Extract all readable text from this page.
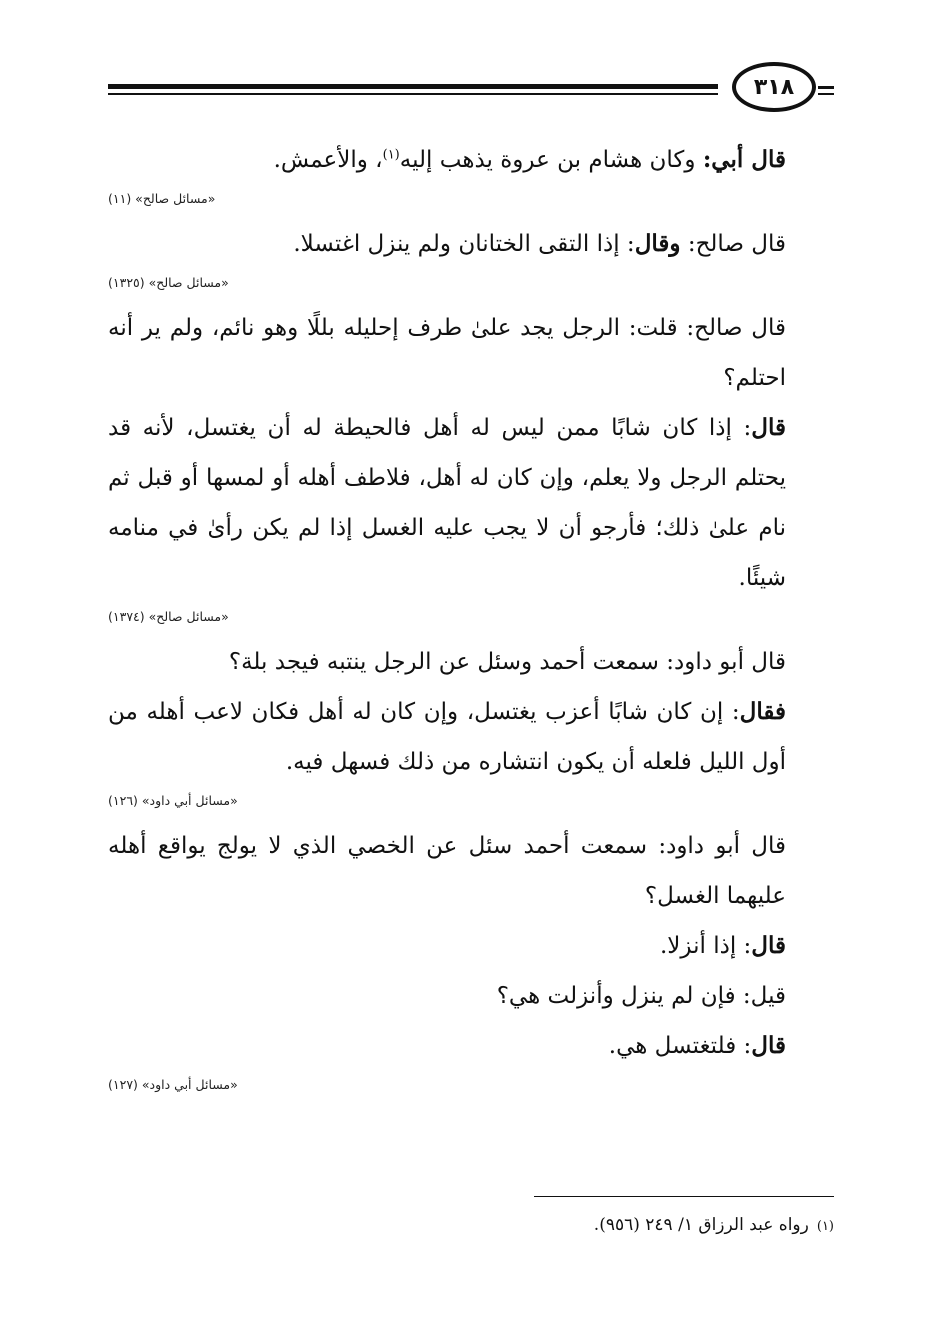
٣١٨

قال أبي: وكان هشام بن عروة يذهب إليه$^{(١)}$، والأعمش.

«مسائل صالح» (١١)

قال صالح: وقال: إذا التقى الختانان ولم ينزل اغتسلا.

«مسائل صالح» (١٣٢٥)

قال صالح: قلت: الرجل يجد علىٰ طرف إحليله بللًا وهو نائم، ولم ير أنه احتلم؟

قال: إذا كان شابًا ممن ليس له أهل فالحيطة له أن يغتسل، لأنه قد يحتلم الرجل ولا يعلم، وإن كان له أهل، فلاطف أهله أو لمسها أو قبل ثم نام علىٰ ذلك؛ فأرجو أن لا يجب عليه الغسل إذا لم يكن رأىٰ في منامه شيئًا.

«مسائل صالح» (١٣٧٤)

قال أبو داود: سمعت أحمد وسئل عن الرجل ينتبه فيجد بلة؟

فقال: إن كان شابًا أعزب يغتسل، وإن كان له أهل فكان لاعب أهله من أول الليل فلعله أن يكون انتشاره من ذلك فسهل فيه.

«مسائل أبي داود» (١٢٦)

قال أبو داود: سمعت أحمد سئل عن الخصي الذي لا يولج يواقع أهله عليهما الغسل؟

قال: إذا أنزلا.

قيل: فإن لم ينزل وأنزلت هي؟

قال: فلتغتسل هي.

«مسائل أبي داود» (١٢٧)
(١)رواه عبد الرزاق ١/ ٢٤٩ (٩٥٦).
